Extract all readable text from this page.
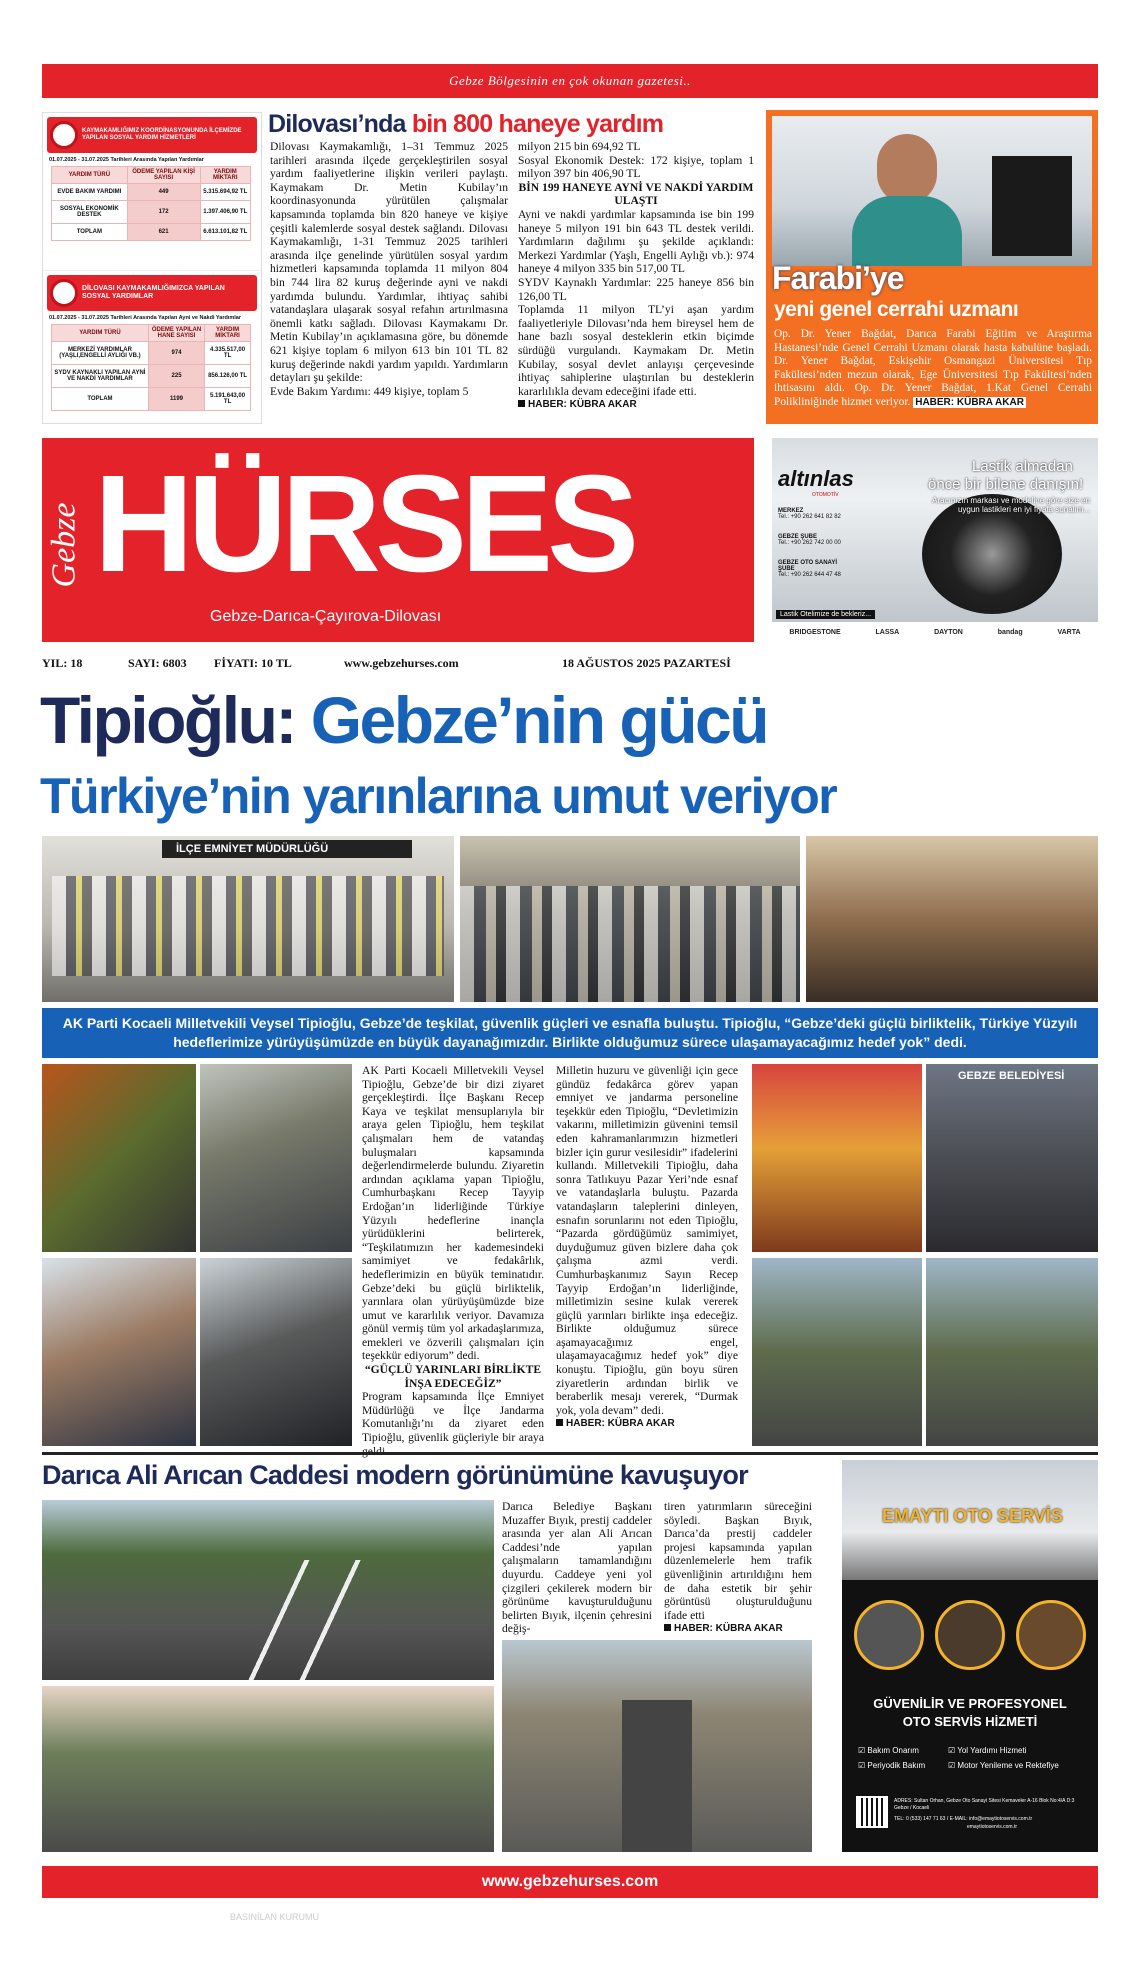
Gebze Bölgesinin en çok okunan gazetesi..
KAYMAKAMLIĞIMIZ KOORDİNASYONUNDA İLÇEMİZDE YAPILAN SOSYAL YARDIM HİZMETLERİ
01.07.2025 - 31.07.2025 Tarihleri Arasında Yapılan Yardımlar
YARDIM TÜRÜ	ÖDEME YAPILAN KİŞİ SAYISI	YARDIM MİKTARI
EVDE BAKIM YARDIMI	449	5.315.694,92 TL
SOSYAL EKONOMİK DESTEK	172	1.397.406,90 TL
TOPLAM	621	6.613.101,82 TL
DİLOVASI KAYMAKAMLIĞIMIZCA YAPILAN SOSYAL YARDIMLAR
01.07.2025 - 31.07.2025 Tarihleri Arasında Yapılan Ayni ve Nakdi Yardımlar
YARDIM TÜRÜ	ÖDEME YAPILAN HANE SAYISI	YARDIM MİKTARI
MERKEZİ YARDIMLAR (YAŞLI,ENGELLİ AYLIĞI VB.)	974	4.335.517,00 TL
SYDV KAYNAKLI YAPILAN AYNİ VE NAKDİ YARDIMLAR	225	856.126,00 TL
TOPLAM	1199	5.191.643,00 TL
Dilovası’nda bin 800 haneye yardım

Dilovası Kaymakamlığı, 1–31 Temmuz 2025 tarihleri arasında ilçede gerçekleştirilen sosyal yardım faaliyetlerine ilişkin verileri paylaştı. Kaymakam Dr. Metin Kubilay’ın koordinasyonunda yürütülen çalışmalar kapsamında toplamda bin 820 haneye ve kişiye çeşitli kalemlerde sosyal destek sağlandı. Dilovası Kaymakamlığı, 1-31 Temmuz 2025 tarihleri arasında ilçe genelinde yürütülen sosyal yardım hizmetleri kapsamında toplamda 11 milyon 804 bin 744 lira 82 kuruş değerinde ayni ve nakdi yardımda bulundu. Yardımlar, ihtiyaç sahibi vatandaşlara ulaşarak sosyal refahın artırılmasına önemli katkı sağladı. Dilovası Kaymakamı Dr. Metin Kubilay’ın açıklamasına göre, bu dönemde 621 kişiye toplam 6 milyon 613 bin 101 TL 82 kuruş değerinde nakdi yardım yapıldı. Yardımların detayları şu şekilde:

Evde Bakım Yardımı: 449 kişiye, toplam 5

milyon 215 bin 694,92 TL

Sosyal Ekonomik Destek: 172 kişiye, toplam 1 milyon 397 bin 406,90 TL

BİN 199 HANEYE AYNİ VE NAKDİ YARDIM ULAŞTI

Ayni ve nakdi yardımlar kapsamında ise bin 199 haneye 5 milyon 191 bin 643 TL destek verildi. Yardımların dağılımı şu şekilde açıklandı: Merkezi Yardımlar (Yaşlı, Engelli Aylığı vb.): 974 haneye 4 milyon 335 bin 517,00 TL

SYDV Kaynaklı Yardımlar: 225 haneye 856 bin 126,00 TL

Toplamda 11 milyon TL’yi aşan yardım faaliyetleriyle Dilovası’nda hem bireysel hem de hane bazlı sosyal desteklerin etkin biçimde sürdüğü vurgulandı. Kaymakam Dr. Metin Kubilay, sosyal devlet anlayışı çerçevesinde ihtiyaç sahiplerine ulaştırılan bu desteklerin kararlılıkla devam edeceğini ifade etti.

HABER: KÜBRA AKAR

Farabi’ye
yeni genel cerrahi uzmanı
Op. Dr. Yener Bağdat, Darıca Farabi Eğitim ve Araştırma Hastanesi’nde Genel Cerrahi Uzmanı olarak hasta kabulüne başladı. Dr. Yener Bağdat, Eskişehir Osmangazi Üniversitesi Tıp Fakültesi’nden mezun olarak, Ege Üniversitesi Tıp Fakültesi’nden ihtisasını aldı. Op. Dr. Yener Bağdat, 1.Kat Genel Cerrahi Polikliniğinde hizmet veriyor. HABER: KÜBRA AKAR
Gebze HÜRSES
Gebze-Darıca-Çayırova-Dilovası
altınlas
OTOMOTİV
Lastik almadan
önce bir bilene danışın!
Aracınızın markası ve modeline göre size en uygun lastikleri en iyi fiyata sunalım...
MERKEZ
Tel.: +90 262 641 82 82
GEBZE ŞUBE
Tel.: +90 262 742 00 00
GEBZE OTO SANAYİ ŞUBE
Tel.: +90 262 644 47 48
Lastik Otelimize de bekleriz...
BRIDGESTONE	LASSA	DAYTON	bandag	VARTA
YIL: 18	SAYI: 6803 FİYATI: 10 TL	www.gebzehurses.com	18 AĞUSTOS 2025 PAZARTESİ
Tipioğlu: Gebze’nin gücü
Türkiye’nin yarınlarına umut veriyor
İLÇE EMNİYET MÜDÜRLÜĞÜ
AK Parti Kocaeli Milletvekili Veysel Tipioğlu, Gebze’de teşkilat, güvenlik güçleri ve esnafla buluştu. Tipioğlu, “Gebze’deki güçlü birliktelik, Türkiye Yüzyılı hedeflerimize yürüyüşümüzde en büyük dayanağımızdır. Birlikte olduğumuz sürece ulaşamayacağımız hedef yok” dedi.

AK Parti Kocaeli Milletvekili Veysel Tipioğlu, Gebze’de bir dizi ziyaret gerçekleştirdi. İlçe Başkanı Recep Kaya ve teşkilat mensuplarıyla bir araya gelen Tipioğlu, hem teşkilat çalışmaları hem de vatandaş buluşmaları kapsamında değerlendirmelerde bulundu. Ziyaretin ardından açıklama yapan Tipioğlu, Cumhurbaşkanı Recep Tayyip Erdoğan’ın liderliğinde Türkiye Yüzyılı hedeflerine inançla yürüdüklerini belirterek, “Teşkilatımızın her kademesindeki samimiyet ve fedakârlık, hedeflerimizin en büyük teminatıdır. Gebze’deki bu güçlü birliktelik, yarınlara olan yürüyüşümüzde bize umut ve kararlılık veriyor. Davamıza gönül vermiş tüm yol arkadaşlarımıza, emekleri ve özverili çalışmaları için teşekkür ediyorum” dedi.

“GÜÇLÜ YARINLARI BİRLİKTE İNŞA EDECEĞİZ”

Program kapsamında İlçe Emniyet Müdürlüğü ve İlçe Jandarma Komutanlığı’nı da ziyaret eden Tipioğlu, güvenlik güçleriyle bir araya

Milletin huzuru ve güvenliği için gece gündüz fedakârca görev yapan emniyet ve jandarma personeline teşekkür eden Tipioğlu, “Devletimizin vakarını, milletimizin güvenini temsil eden kahramanlarımızın hizmetleri bizler için gurur vesilesidir” ifadelerini kullandı. Milletvekili Tipioğlu, daha sonra Tatlıkuyu Pazar Yeri’nde esnaf ve vatandaşlarla buluştu. Pazarda vatandaşların taleplerini dinleyen, esnafın sorunlarını not eden Tipioğlu, “Pazarda gördüğümüz samimiyet, duyduğumuz güven bizlere daha çok çalışma azmi verdi. Cumhurbaşkanımız Sayın Recep Tayyip Erdoğan’ın liderliğinde, milletimizin sesine kulak vererek güçlü yarınları birlikte inşa edeceğiz. Birlikte olduğumuz sürece aşamayacağımız engel, ulaşamayacağımız hedef yok” diye konuştu. Tipioğlu, gün boyu süren ziyaretlerin ardından birlik ve beraberlik mesajı vererek, “Durmak yok, yola devam” dedi.

HABER: KÜBRA AKAR

GEBZE BELEDİYESİ
Darıca Ali Arıcan Caddesi modern görünümüne kavuşuyor

Darıca Belediye Başkanı Muzaffer Bıyık, prestij caddeler arasında yer alan Ali Arıcan Caddesi’nde yapılan çalışmaların tamamlandığını duyurdu. Caddeye yeni yol çizgileri çekilerek modern bir görünüme kavuşturulduğunu belirten Bıyık, ilçenin çehresini değiş-

tiren yatırımların süreceğini söyledi. Başkan Bıyık, Darıca’da prestij caddeler projesi kapsamında yapılan düzenlemelerle hem trafik güvenliğinin artırıldığını hem de daha estetik bir şehir görüntüsü oluşturulduğunu ifade etti

HABER: KÜBRA AKAR

EMAYTI OTO SERVİS
GÜVENİLİR VE PROFESYONEL
OTO SERVİS HİZMETİ
☑ Bakım Onarım	☑ Yol Yardımı Hizmeti
☑ Periyodik Bakım	☑ Motor Yenileme ve Rektefiye
ADRES: Sultan Orhan, Gebze Oto Sanayi Sitesi Kemaveler A-16 Blok No:4/A D:3 Gebze / Kocaeli
TEL: 0 (533) 147 71 63 / E-MAIL: info@emaytiotoservis.com.tr
emaytiotoservis.com.tr
www.gebzehurses.com
BASINİLAN KURUMU
